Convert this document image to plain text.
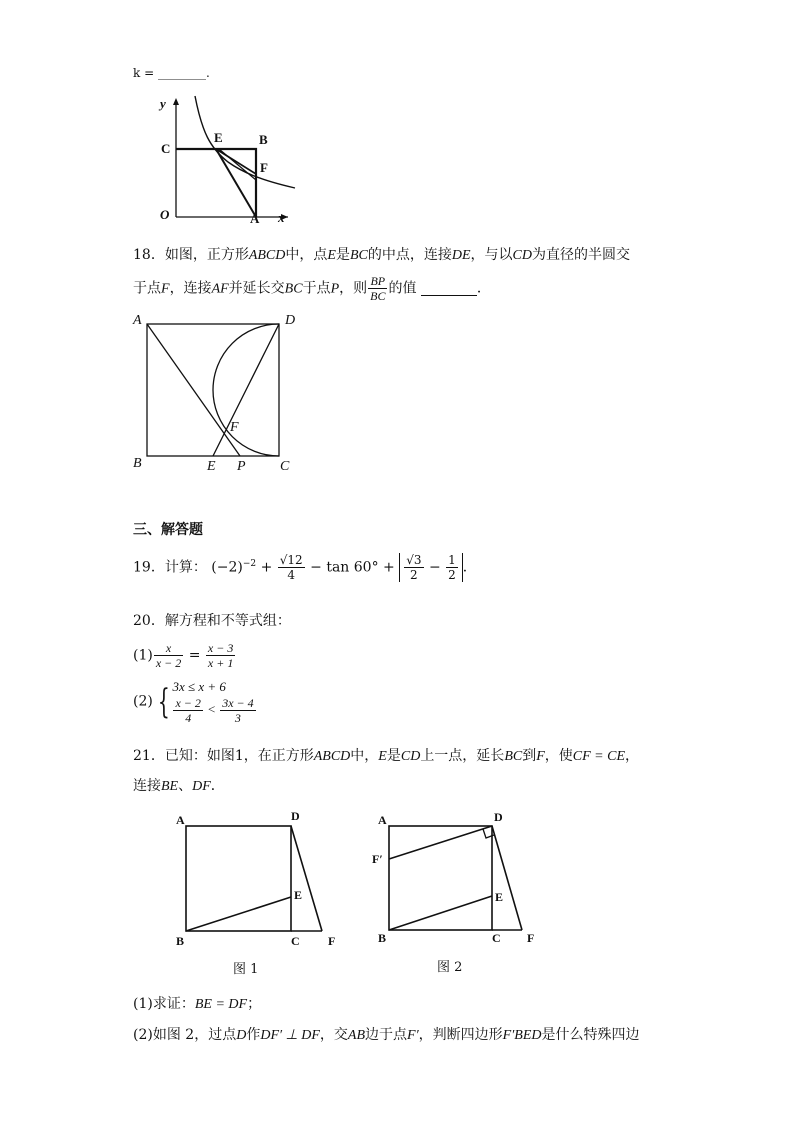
k = ________.
y
x
O
C
E	B
F
A
18．如图，正方形ABCD中，点E是BC的中点，连接DE，与以CD为直径的半圆交
于点F，连接AF并延长交BC于点P，则 $\frac{BP}{BC}$ 的值	．
A	D
B	C
E P
F
三、解答题
19．计算： $(-2)^{-2} + \frac{√12}{4} - \tan 60^\circ + \frac{√3}{2} - \frac{1}{2}$ ．
20．解方程和不等式组：
$(1) \frac{x}{x - 2} = \frac{x - 3}{x + 1}$
(2) { 3x ≤ x + 6
$\frac{x - 2}{4} < \frac{3x - 4}{3}$
21．已知：如图1，在正方形ABCD中，E是CD上一点，延长BC到F，使CF = CE，
连接BE、DF．
A	D
E
B	C F
图 1
A	D
F′
E
B	C F
图 2
(1)求证：BE = DF；
(2)如图 2，过点D作DF′ ⊥ DF，交AB边于点F′，判断四边形F′BED是什么特殊四边
